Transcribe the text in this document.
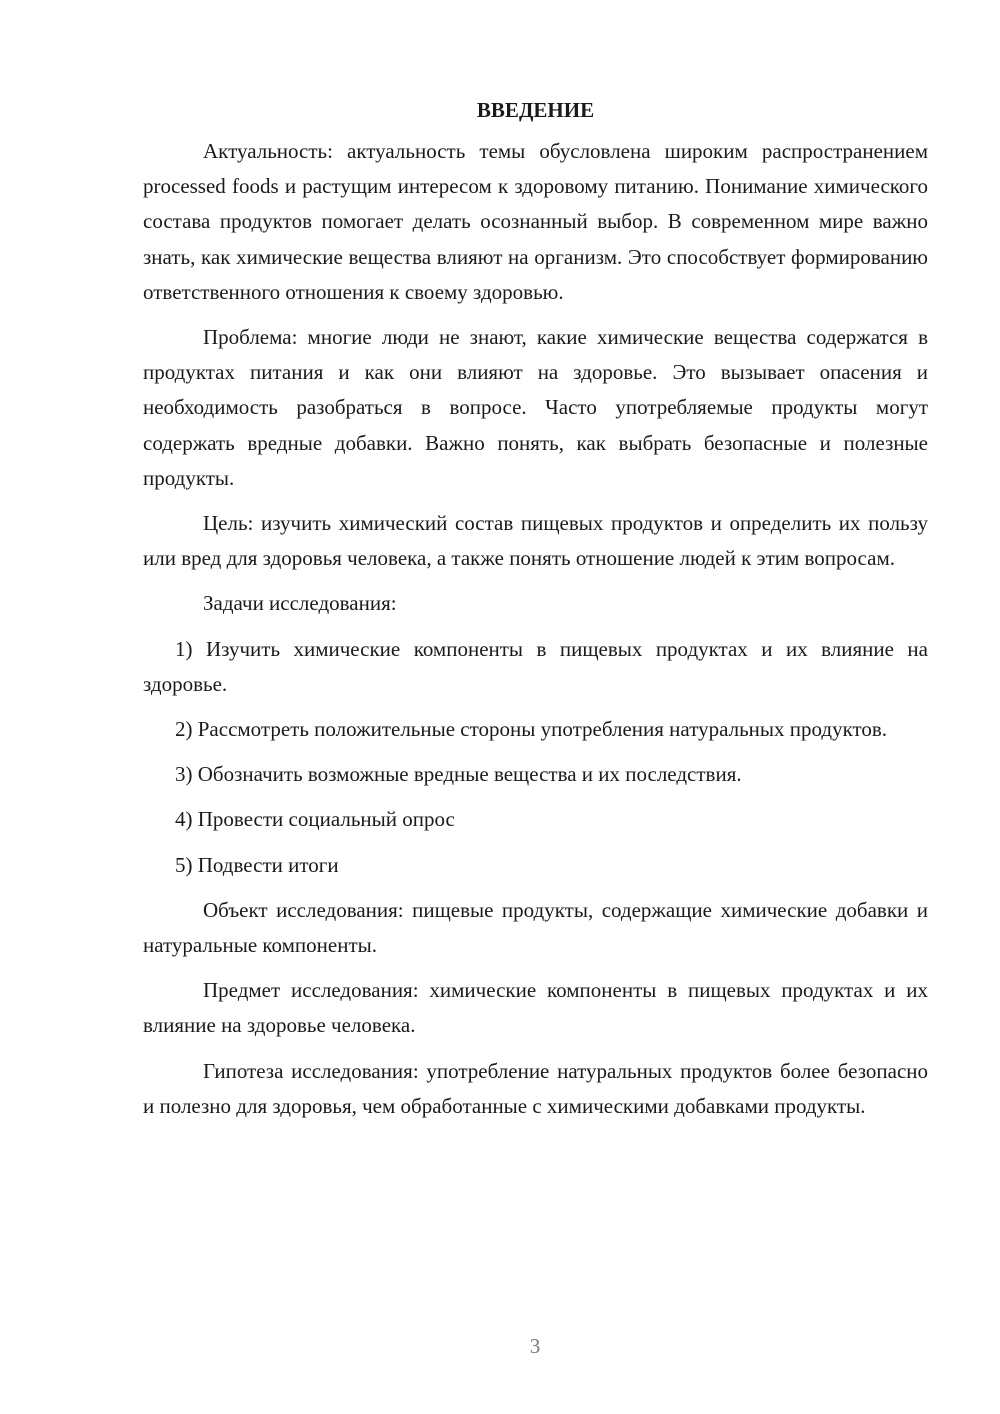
ВВЕДЕНИЕ

Актуальность: актуальность темы обусловлена широким распространением processed foods и растущим интересом к здоровому питанию. Понимание химического состава продуктов помогает делать осознанный выбор. В современном мире важно знать, как химические вещества влияют на организм. Это способствует формированию ответственного отношения к своему здоровью.

Проблема: многие люди не знают, какие химические вещества содержатся в продуктах питания и как они влияют на здоровье. Это вызывает опасения и необходимость разобраться в вопросе. Часто употребляемые продукты могут содержать вредные добавки. Важно понять, как выбрать безопасные и полезные продукты.

Цель: изучить химический состав пищевых продуктов и определить их пользу или вред для здоровья человека, а также понять отношение людей к этим вопросам.

Задачи исследования:

1) Изучить химические компоненты в пищевых продуктах и их влияние на здоровье.

2) Рассмотреть положительные стороны употребления натуральных продуктов.

3) Обозначить возможные вредные вещества и их последствия.

4) Провести социальный опрос

5) Подвести итоги

Объект исследования: пищевые продукты, содержащие химические добавки и натуральные компоненты.

Предмет исследования: химические компоненты в пищевых продуктах и их влияние на здоровье человека.

Гипотеза исследования: употребление натуральных продуктов более безопасно и полезно для здоровья, чем обработанные с химическими добавками продукты.

3
